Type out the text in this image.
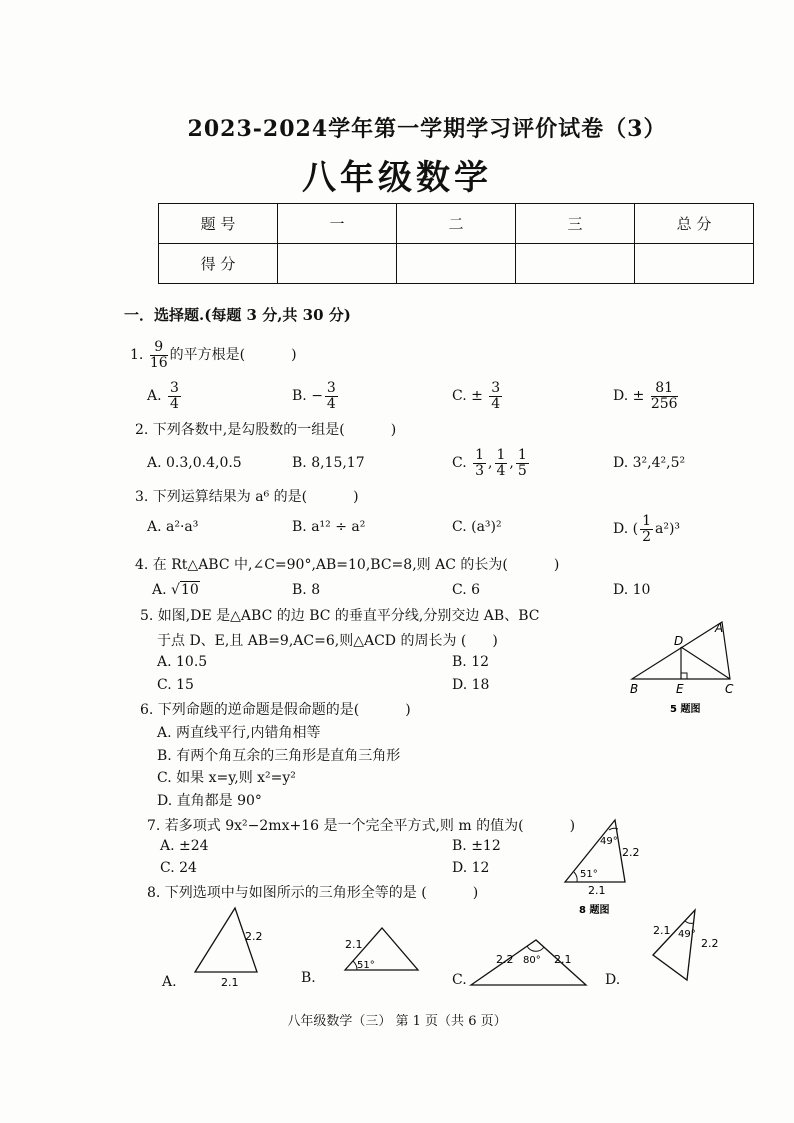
2023-2024学年第一学期学习评价试卷（3）
八年级数学
题 号	一	二	三	总 分
得 分				
一．选择题.(每题 3 分,共 30 分)
1. $\frac{9}{16}$ 的平方根是(	)
A. $\frac{3}{4}$	B. − $\frac{3}{4}$	C. ± $\frac{3}{4}$	D. ± $\frac{81}{256}$
2. 下列各数中,是勾股数的一组是(	)
A. 0.3,0.4,0.5	B. 8,15,17	C. $\frac{1}{3}$ , $\frac{1}{4}$ , $\frac{1}{5}$	D. 3²,4²,5²
3. 下列运算结果为 a⁶ 的是(	)
A. a²·a³	B. a¹² ÷ a²	C. (a³)²	D. ( $\frac{1}{2} a^2)^3$
4. 在 Rt△ABC 中,∠C=90°,AB=10,BC=8,则 AC 的长为(	)
A. √10	B. 8	C. 6	D. 10
5. 如图,DE 是△ABC 的边 BC 的垂直平分线,分别交边 AB、BC
于点 D、E,且 AB=9,AC=6,则△ACD 的周长为 ( )
A. 10.5	B. 12
C. 15	D. 18
A
D
B	E	C
5 题图
6. 下列命题的逆命题是假命题的是(	)
A. 两直线平行,内错角相等
B. 有两个角互余的三角形是直角三角形
C. 如果 x=y,则 x²=y²
D. 直角都是 90°
7. 若多项式 9x²−2mx+16 是一个完全平方式,则 m 的值为(	)
A. ±24	B. ±12
C. 24	D. 12
49°
2.2
51°
2.1
8 题图
8. 下列选项中与如图所示的三角形全等的是 (	)
A.
2.2
2.1	B.
2.1
51°
C.
2.2 80° 2.1
D.
2.1 49°
2.2
八年级数学（三） 第 1 页（共 6 页）
